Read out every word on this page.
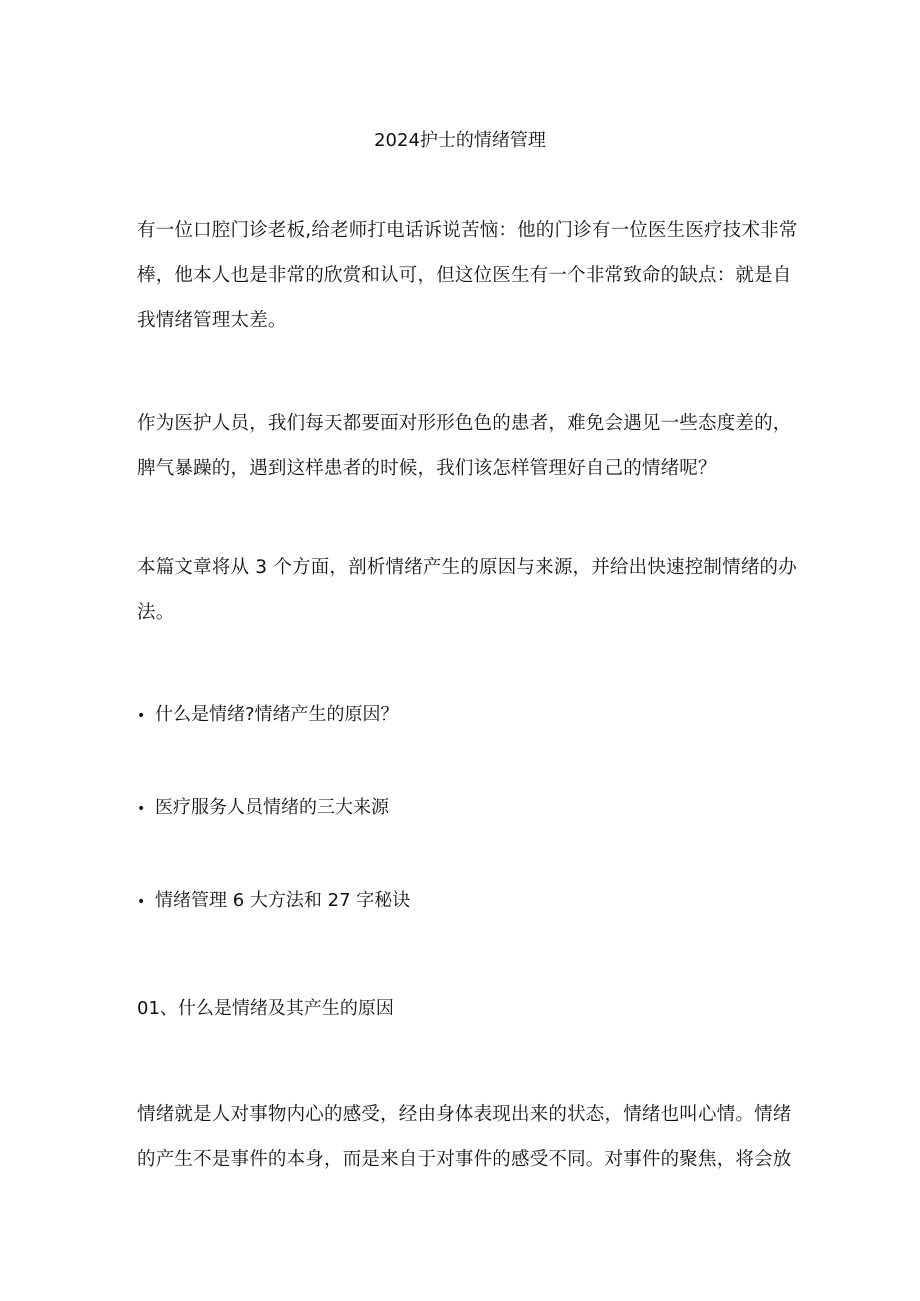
2024护士的情绪管理
有一位口腔门诊老板,给老师打电话诉说苦恼：他的门诊有一位医生医疗技术非常
棒，他本人也是非常的欣赏和认可，但这位医生有一个非常致命的缺点：就是自
我情绪管理太差。
作为医护人员，我们每天都要面对形形色色的患者，难免会遇见一些态度差的，
脾气暴躁的，遇到这样患者的时候，我们该怎样管理好自己的情绪呢？
本篇文章将从 3 个方面，剖析情绪产生的原因与来源，并给出快速控制情绪的办
法。
• 什么是情绪?情绪产生的原因？
• 医疗服务人员情绪的三大来源
• 情绪管理 6 大方法和 27 字秘诀
01、什么是情绪及其产生的原因
情绪就是人对事物内心的感受，经由身体表现出来的状态，情绪也叫心情。情绪
的产生不是事件的本身，而是来自于对事件的感受不同。对事件的聚焦，将会放
